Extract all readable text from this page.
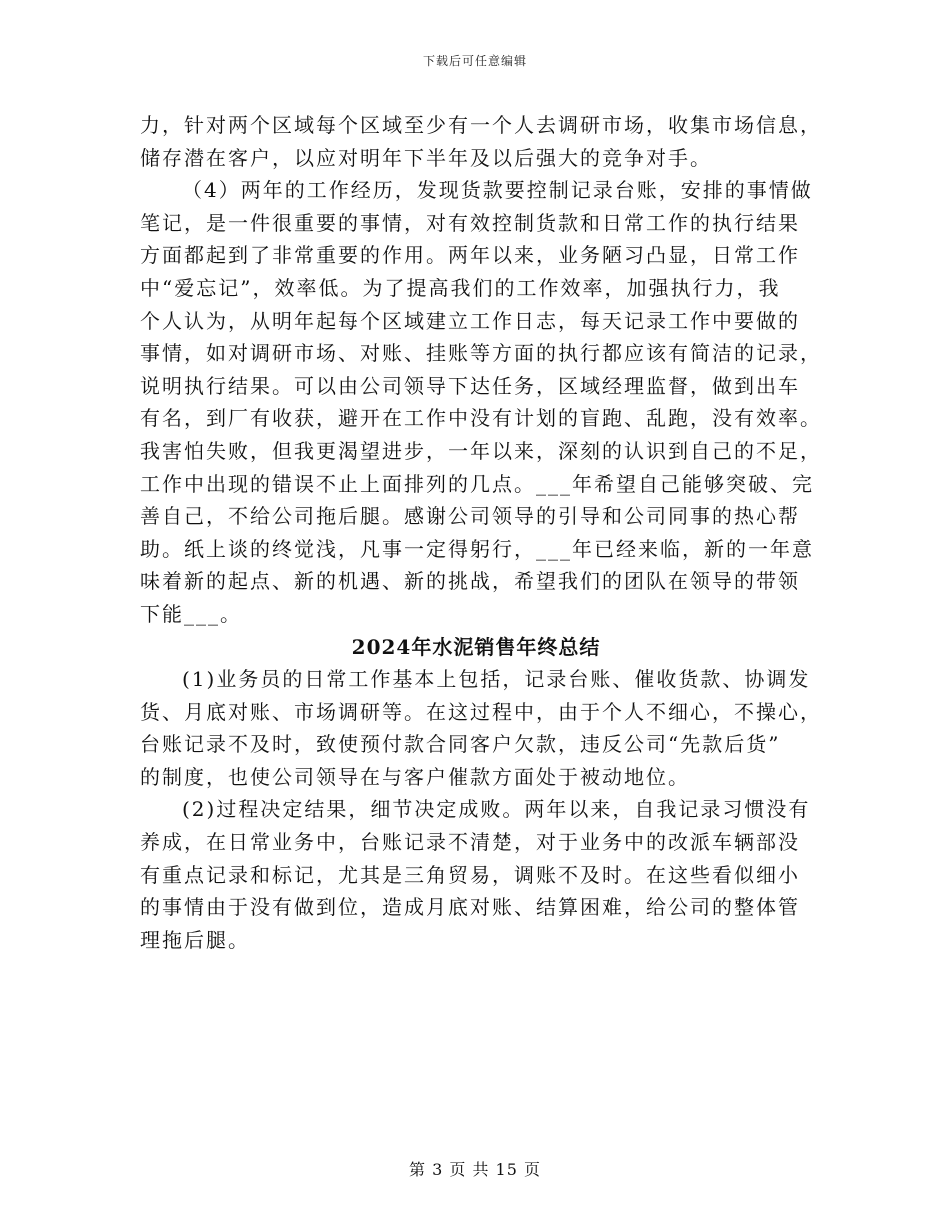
下载后可任意编辑
力，针对两个区域每个区域至少有一个人去调研市场，收集市场信息，
储存潜在客户，以应对明年下半年及以后强大的竞争对手。
（4）两年的工作经历，发现货款要控制记录台账，安排的事情做
笔记，是一件很重要的事情，对有效控制货款和日常工作的执行结果
方面都起到了非常重要的作用。两年以来，业务陋习凸显，日常工作
中“爱忘记”，效率低。为了提高我们的工作效率，加强执行力，我
个人认为，从明年起每个区域建立工作日志，每天记录工作中要做的
事情，如对调研市场、对账、挂账等方面的执行都应该有简洁的记录，
说明执行结果。可以由公司领导下达任务，区域经理监督，做到出车
有名，到厂有收获，避开在工作中没有计划的盲跑、乱跑，没有效率。
我害怕失败，但我更渴望进步，一年以来，深刻的认识到自己的不足，
工作中出现的错误不止上面排列的几点。___年希望自己能够突破、完
善自己，不给公司拖后腿。感谢公司领导的引导和公司同事的热心帮
助。纸上谈的终觉浅，凡事一定得躬行，___年已经来临，新的一年意
味着新的起点、新的机遇、新的挑战，希望我们的团队在领导的带领
下能___。
2024年水泥销售年终总结
(1)业务员的日常工作基本上包括，记录台账、催收货款、协调发
货、月底对账、市场调研等。在这过程中，由于个人不细心，不操心，
台账记录不及时，致使预付款合同客户欠款，违反公司“先款后货”
的制度，也使公司领导在与客户催款方面处于被动地位。
(2)过程决定结果，细节决定成败。两年以来，自我记录习惯没有
养成，在日常业务中，台账记录不清楚，对于业务中的改派车辆部没
有重点记录和标记，尤其是三角贸易，调账不及时。在这些看似细小
的事情由于没有做到位，造成月底对账、结算困难，给公司的整体管
理拖后腿。
第 3 页 共 15 页
